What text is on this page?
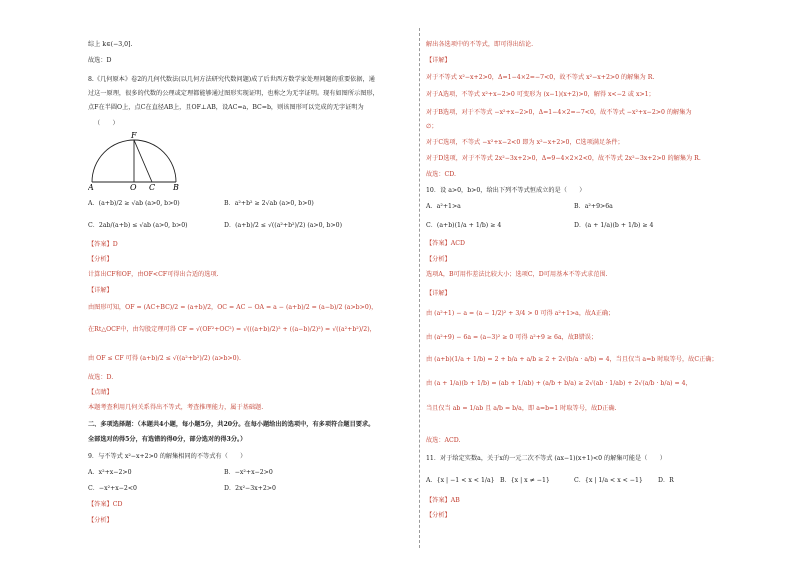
综上 k∈(−3,0].
故选：D
8.《几何原本》卷2的几何代数法(以几何方法研究代数问题)成了后世西方数学家处理问题的重要依据，通
过这一原理，很多的代数的公理或定理都能够通过图形实现证明，也称之为无字证明。现有如图所示图形，
点F在半圆O上，点C在直径AB上，且OF⊥AB，设AC=a，BC=b，则该图形可以完成的无字证明为
（　　）
F
A	O C B
A．(a+b)/2 ≥ √ab (a>0, b>0)	B．a²+b² ≥ 2√ab (a>0, b>0)
C．2ab/(a+b) ≤ √ab (a>0, b>0)	D．(a+b)/2 ≤ √((a²+b²)/2) (a>0, b>0)
【答案】D
【分析】
计算出CF和OF，由OF<CF可得出合适的选项.
【详解】
由图形可知，OF = (AC+BC)/2 = (a+b)/2，OC = AC − OA = a − (a+b)/2 = (a−b)/2 (a>b>0)，
在Rt△OCF中，由勾股定理可得 CF = √(OF²+OC²) = √(((a+b)/2)² + ((a−b)/2)²) = √((a²+b²)/2)，
由 OF ≤ CF 可得 (a+b)/2 ≤ √((a²+b²)/2) (a>b>0).
故选：D.
【点睛】
本题考查利用几何关系得出不等式，考查推理能力，属于基础题.
二、多项选择题：（本题共4小题，每小题5分，共20分。在每小题给出的选项中，有多项符合题目要求。
全部选对的得5分，有选错的得0分，部分选对的得3分。）
9．与不等式 x²−x+2>0 的解集相同的不等式有（　　）
A．x²+x−2>0	B．−x²+x−2>0
C．−x²+x−2<0	D．2x²−3x+2>0
【答案】CD
【分析】
解出各选项中的不等式，即可得出结论.
【详解】
对于不等式 x²−x+2>0，Δ=1−4×2=−7<0，故不等式 x²−x+2>0 的解集为 R.
对于A选项，不等式 x²+x−2>0 可变形为 (x−1)(x+2)>0，解得 x<−2 或 x>1；
对于B选项，对于不等式 −x²+x−2>0，Δ=1−4×2=−7<0，故不等式 −x²+x−2>0 的解集为
∅；
对于C选项，不等式 −x²+x−2<0 即为 x²−x+2>0，C选项满足条件；
对于D选项，对于不等式 2x²−3x+2>0，Δ=9−4×2×2<0，故不等式 2x²−3x+2>0 的解集为 R.
故选：CD.
10．设 a>0，b>0，给出下列不等式恒成立的是（　　）
A．a²+1>a	B．a²+9>6a
C．(a+b)(1/a + 1/b) ≥ 4	D．(a + 1/a)(b + 1/b) ≥ 4
【答案】ACD
【分析】
选项A，B可用作差法比较大小；选项C，D可用基本不等式求范围.
【详解】
由 (a²+1) − a = (a − 1/2)² + 3/4 > 0 可得 a²+1>a，故A正确；
由 (a²+9) − 6a = (a−3)² ≥ 0 可得 a²+9 ≥ 6a，故B错误；
由 (a+b)(1/a + 1/b) = 2 + b/a + a/b ≥ 2 + 2√(b/a · a/b) = 4，当且仅当 a=b 时取等号，故C正确；
由 (a + 1/a)(b + 1/b) = (ab + 1/ab) + (a/b + b/a) ≥ 2√(ab · 1/ab) + 2√(a/b · b/a) = 4，
当且仅当 ab = 1/ab 且 a/b = b/a，即 a=b=1 时取等号，故D正确.
故选：ACD.
11．对于给定实数a，关于x的一元二次不等式 (ax−1)(x+1)<0 的解集可能是（　　）
A．{x | −1 < x < 1/a} B．{x | x ≠ −1}	C．{x | 1/a < x < −1} D．R
【答案】AB
【分析】
